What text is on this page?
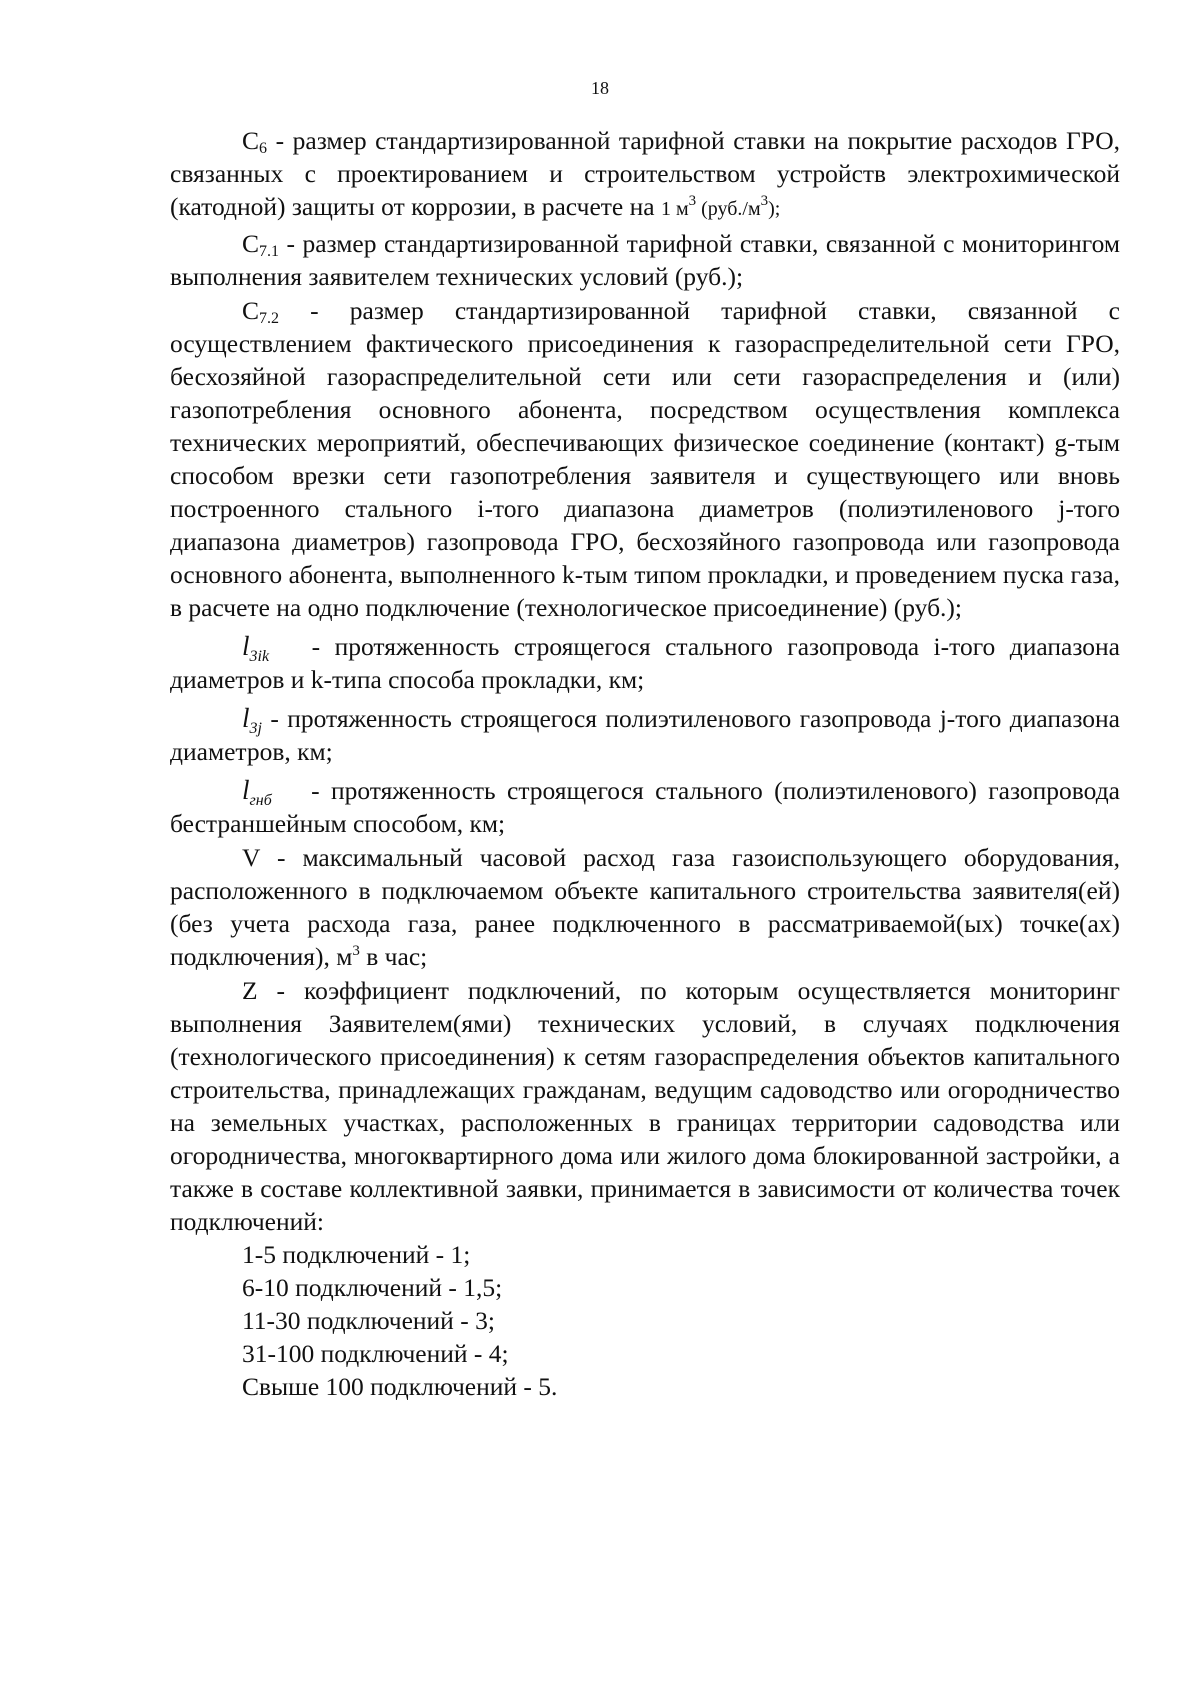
18

$C_6$ - размер стандартизированной тарифной ставки на покрытие расходов ГРО, связанных с проектированием и строительством устройств электрохимической (катодной) защиты от коррозии, в расчете на 1 $м^3$ $(руб./м^3)$;

$C_{7.1}$ - размер стандартизированной тарифной ставки, связанной с мониторингом выполнения заявителем технических условий (руб.);

$C_{7.2}$ - размер стандартизированной тарифной ставки, связанной с осуществлением фактического присоединения к газораспределительной сети ГРО, бесхозяйной газораспределительной сети или сети газораспределения и (или) газопотребления основного абонента, посредством осуществления комплекса технических мероприятий, обеспечивающих физическое соединение (контакт) g-тым способом врезки сети газопотребления заявителя и существующего или вновь построенного стального i-того диапазона диаметров (полиэтиленового j-того диапазона диаметров) газопровода ГРО, бесхозяйного газопровода или газопровода основного абонента, выполненного k-тым типом прокладки, и проведением пуска газа, в расчете на одно подключение (технологическое присоединение) (руб.);

$l_{3ik}$ - протяженность строящегося стального газопровода i-того диапазона диаметров и k-типа способа прокладки, км;

$l_{3j}$ - протяженность строящегося полиэтиленового газопровода j-того диапазона диаметров, км;

$l_{гнб}$ - протяженность строящегося стального (полиэтиленового) газопровода бестраншейным способом, км;

V - максимальный часовой расход газа газоиспользующего оборудования, расположенного в подключаемом объекте капитального строительства заявителя(ей) (без учета расхода газа, ранее подключенного в рассматриваемой(ых) точке(ах) подключения), $м^3$ в час;

Z - коэффициент подключений, по которым осуществляется мониторинг выполнения Заявителем(ями) технических условий, в случаях подключения (технологического присоединения) к сетям газораспределения объектов капитального строительства, принадлежащих гражданам, ведущим садоводство или огородничество на земельных участках, расположенных в границах территории садоводства или огородничества, многоквартирного дома или жилого дома блокированной застройки, а также в составе коллективной заявки, принимается в зависимости от количества точек подключений:

1-5 подключений - 1;

6-10 подключений - 1,5;

11-30 подключений - 3;

31-100 подключений - 4;

Свыше 100 подключений - 5.
